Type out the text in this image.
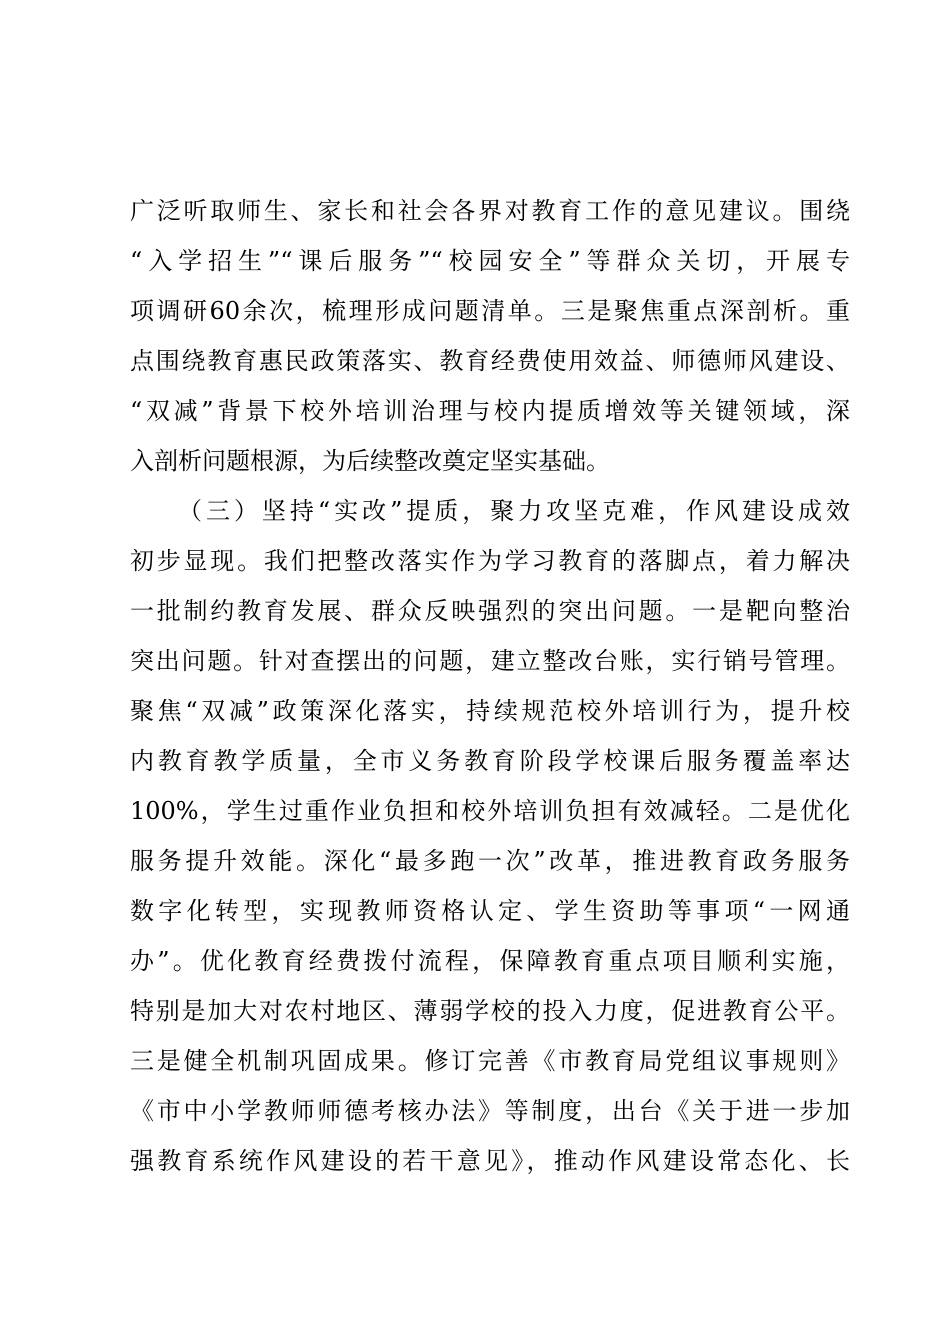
广泛听取师生、家长和社会各界对教育工作的意见建议。围绕
“入学招生”“课后服务”“校园安全”等群众关切，开展专
项调研60余次，梳理形成问题清单。三是聚焦重点深剖析。重
点围绕教育惠民政策落实、教育经费使用效益、师德师风建设、
“双减”背景下校外培训治理与校内提质增效等关键领域，深
入剖析问题根源，为后续整改奠定坚实基础。
（三）坚持“实改”提质，聚力攻坚克难，作风建设成效
初步显现。我们把整改落实作为学习教育的落脚点，着力解决
一批制约教育发展、群众反映强烈的突出问题。一是靶向整治
突出问题。针对查摆出的问题，建立整改台账，实行销号管理。
聚焦“双减”政策深化落实，持续规范校外培训行为，提升校
内教育教学质量，全市义务教育阶段学校课后服务覆盖率达
100%，学生过重作业负担和校外培训负担有效减轻。二是优化
服务提升效能。深化“最多跑一次”改革，推进教育政务服务
数字化转型，实现教师资格认定、学生资助等事项“一网通
办”。优化教育经费拨付流程，保障教育重点项目顺利实施，
特别是加大对农村地区、薄弱学校的投入力度，促进教育公平。
三是健全机制巩固成果。修订完善《市教育局党组议事规则》
《市中小学教师师德考核办法》等制度，出台《关于进一步加
强教育系统作风建设的若干意见》，推动作风建设常态化、长
